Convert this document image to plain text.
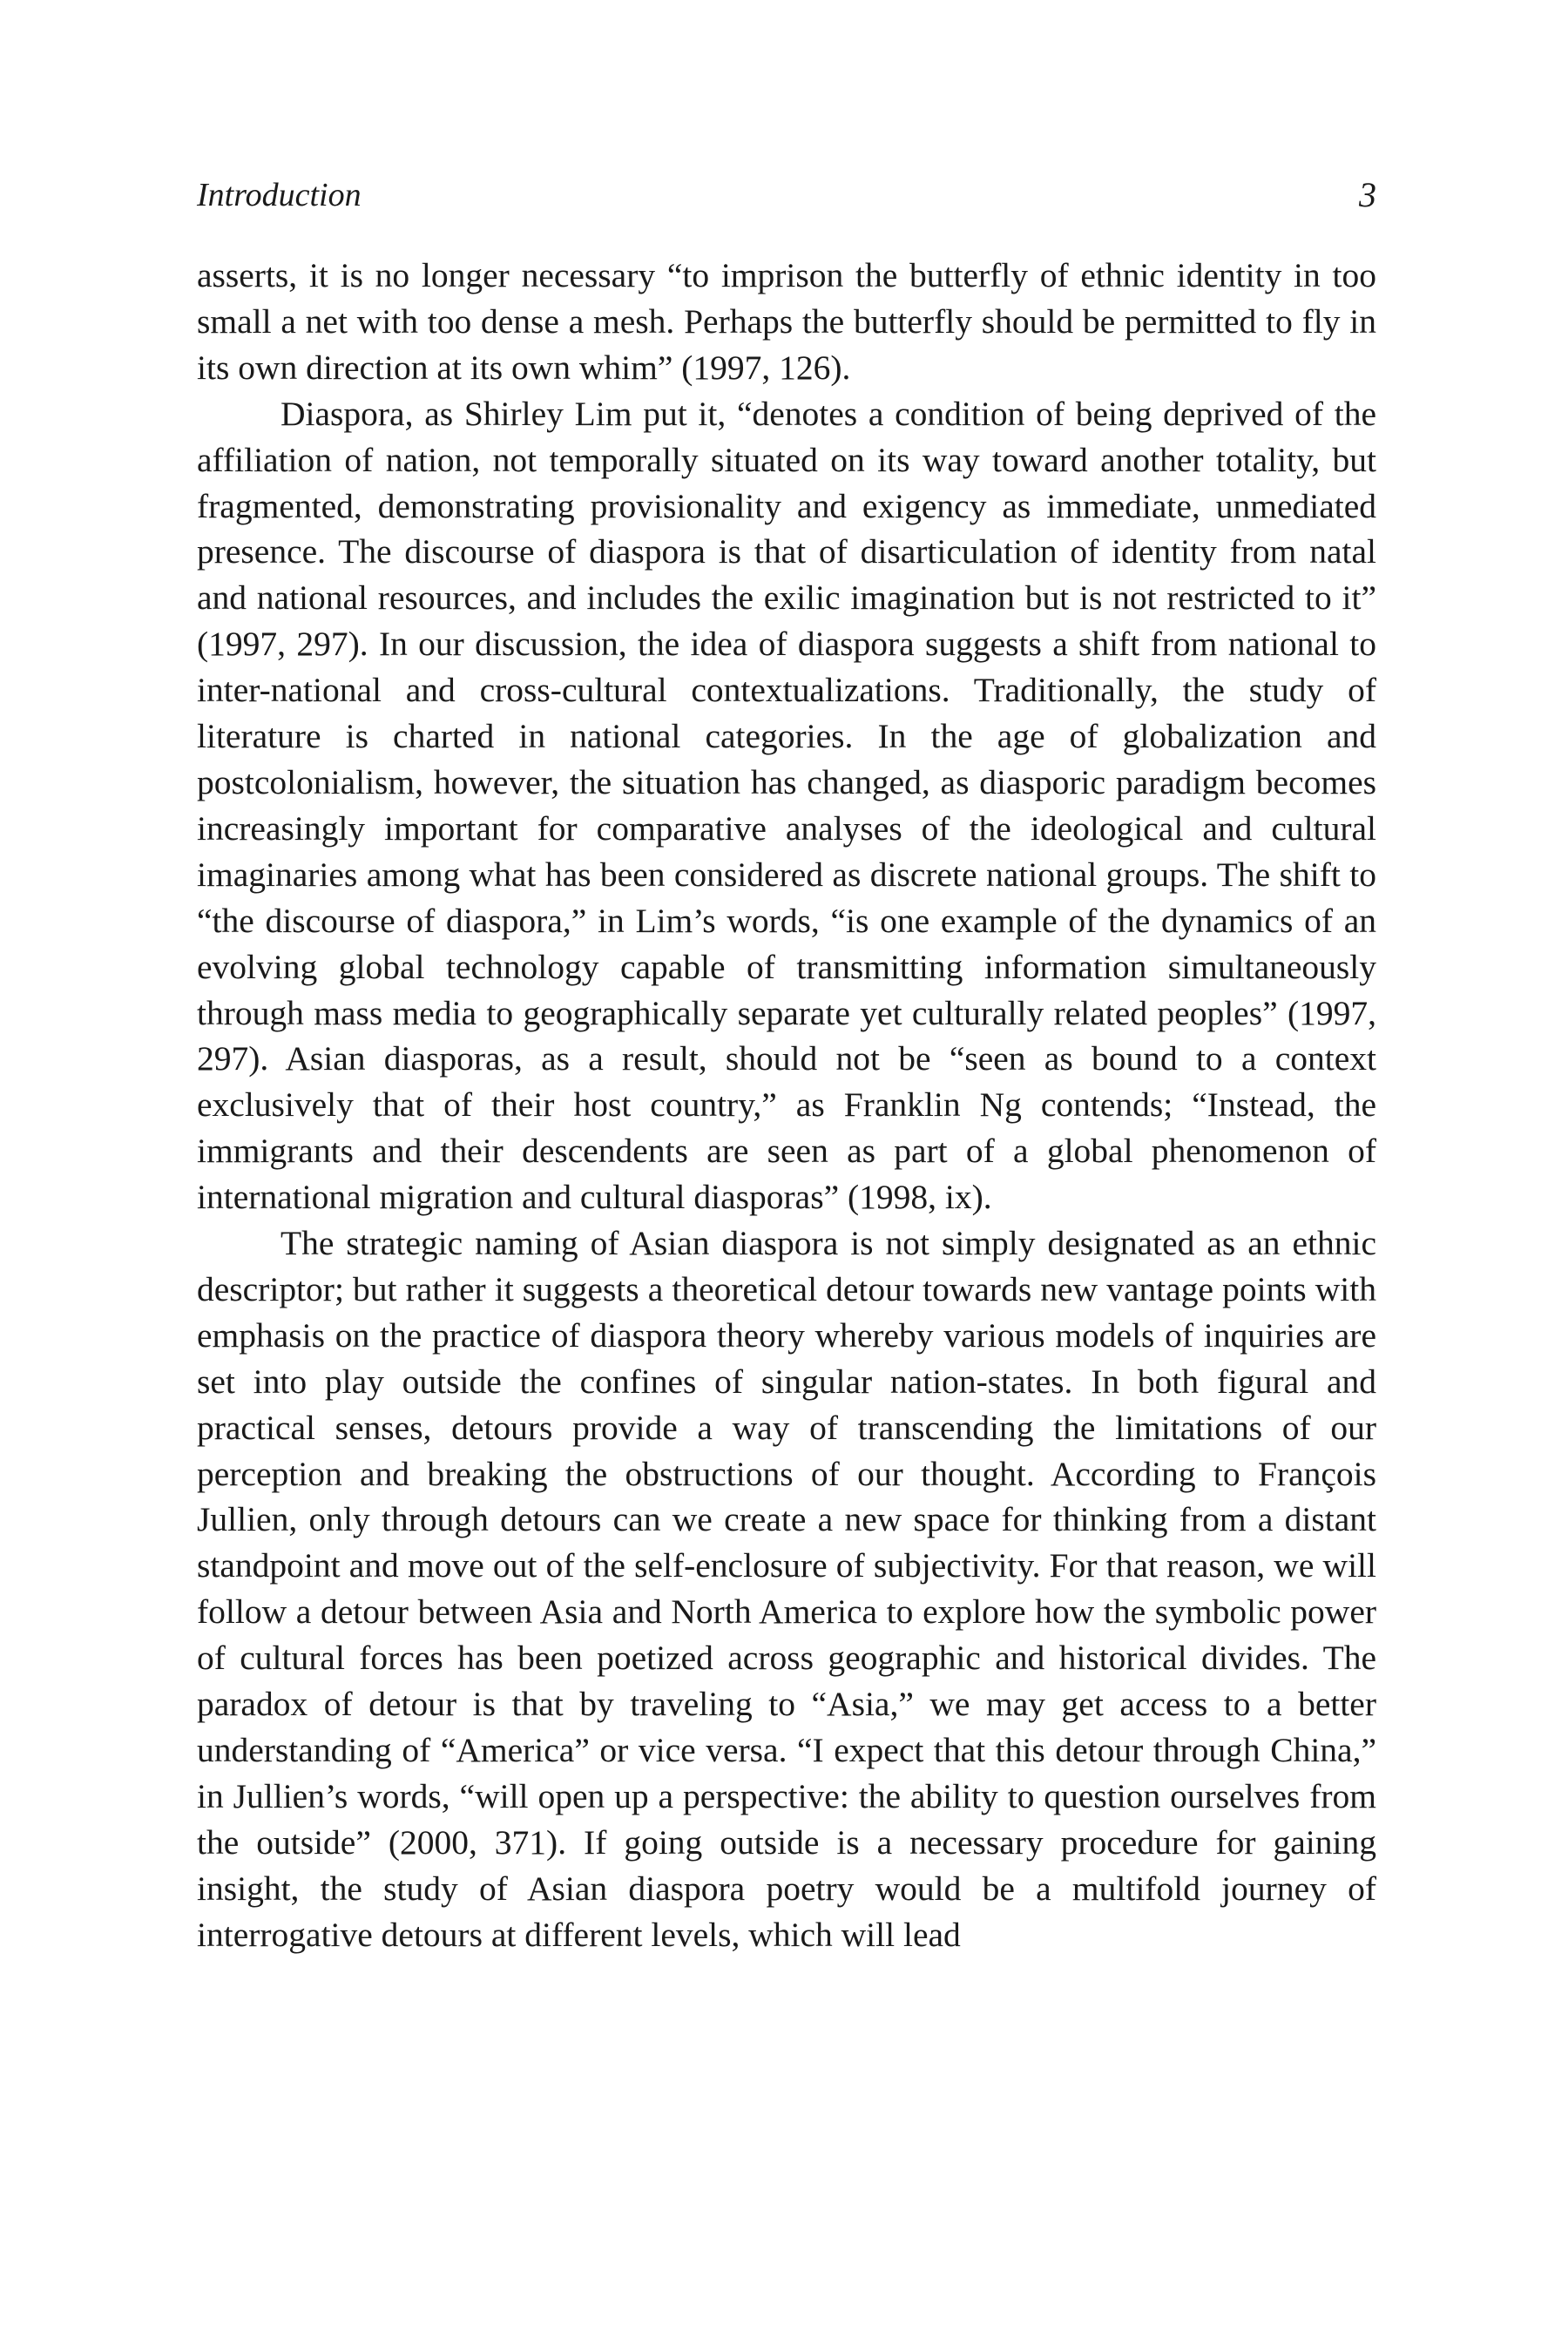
Introduction	3

asserts, it is no longer necessary “to imprison the butterfly of ethnic identity in too small a net with too dense a mesh. Perhaps the butterfly should be permitted to fly in its own direction at its own whim” (1997, 126).

Diaspora, as Shirley Lim put it, “denotes a condition of being deprived of the affiliation of nation, not temporally situated on its way toward another totality, but fragmented, demonstrating provisionality and exigency as immediate, unmediated presence. The discourse of diaspora is that of disarticulation of identity from natal and national resources, and includes the exilic imagination but is not restricted to it” (1997, 297). In our discussion, the idea of diaspora suggests a shift from national to inter-national and cross-cultural contextualizations. Traditionally, the study of literature is charted in national categories. In the age of globalization and postcolonialism, however, the situation has changed, as diasporic paradigm becomes increasingly important for comparative analyses of the ideological and cultural imaginaries among what has been considered as discrete national groups. The shift to “the discourse of diaspora,” in Lim’s words, “is one example of the dynamics of an evolving global technology capable of transmitting information simultaneously through mass media to geographically separate yet culturally related peoples” (1997, 297). Asian diasporas, as a result, should not be “seen as bound to a context exclusively that of their host country,” as Franklin Ng contends; “Instead, the immigrants and their descendents are seen as part of a global phenomenon of international migration and cultural diasporas” (1998, ix).

The strategic naming of Asian diaspora is not simply designated as an ethnic descriptor; but rather it suggests a theoretical detour towards new vantage points with emphasis on the practice of diaspora theory whereby various models of inquiries are set into play outside the confines of singular nation-states. In both figural and practical senses, detours provide a way of transcending the limitations of our perception and breaking the obstructions of our thought. According to François Jullien, only through detours can we create a new space for thinking from a distant standpoint and move out of the self-enclosure of subjectivity. For that reason, we will follow a detour between Asia and North America to explore how the symbolic power of cultural forces has been poetized across geographic and historical divides. The paradox of detour is that by traveling to “Asia,” we may get access to a better understanding of “America” or vice versa. “I expect that this detour through China,” in Jullien’s words, “will open up a perspective: the ability to question ourselves from the outside” (2000, 371). If going outside is a necessary procedure for gaining insight, the study of Asian diaspora poetry would be a multifold journey of interrogative detours at different levels, which will lead
